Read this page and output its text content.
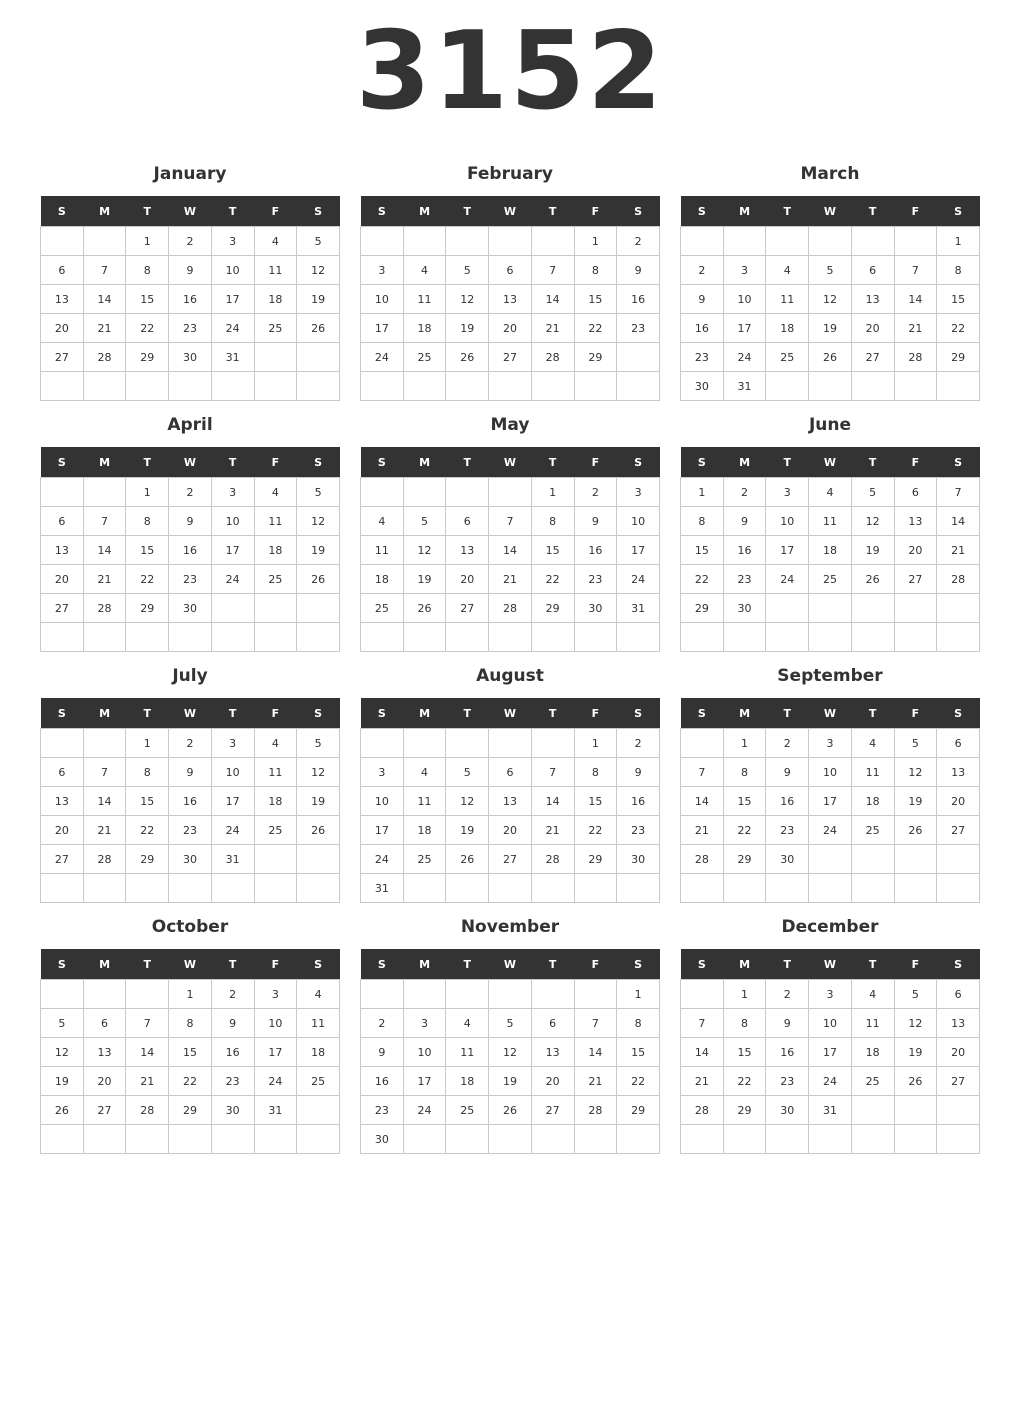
3152
January
S	M	T	W	T	F	S
		1	2	3	4	5
6	7	8	9	10	11	12
13	14	15	16	17	18	19
20	21	22	23	24	25	26
27	28	29	30	31		

February
S	M	T	W	T	F	S
					1	2
3	4	5	6	7	8	9
10	11	12	13	14	15	16
17	18	19	20	21	22	23
24	25	26	27	28	29	

March
S	M	T	W	T	F	S
						1
2	3	4	5	6	7	8
9	10	11	12	13	14	15
16	17	18	19	20	21	22
23	24	25	26	27	28	29
30	31					
April
S	M	T	W	T	F	S
		1	2	3	4	5
6	7	8	9	10	11	12
13	14	15	16	17	18	19
20	21	22	23	24	25	26
27	28	29	30			

May
S	M	T	W	T	F	S
				1	2	3
4	5	6	7	8	9	10
11	12	13	14	15	16	17
18	19	20	21	22	23	24
25	26	27	28	29	30	31

June
S	M	T	W	T	F	S
1	2	3	4	5	6	7
8	9	10	11	12	13	14
15	16	17	18	19	20	21
22	23	24	25	26	27	28
29	30					

July
S	M	T	W	T	F	S
		1	2	3	4	5
6	7	8	9	10	11	12
13	14	15	16	17	18	19
20	21	22	23	24	25	26
27	28	29	30	31		

August
S	M	T	W	T	F	S
					1	2
3	4	5	6	7	8	9
10	11	12	13	14	15	16
17	18	19	20	21	22	23
24	25	26	27	28	29	30
31						
September
S	M	T	W	T	F	S
	1	2	3	4	5	6
7	8	9	10	11	12	13
14	15	16	17	18	19	20
21	22	23	24	25	26	27
28	29	30				

October
S	M	T	W	T	F	S
			1	2	3	4
5	6	7	8	9	10	11
12	13	14	15	16	17	18
19	20	21	22	23	24	25
26	27	28	29	30	31	

November
S	M	T	W	T	F	S
						1
2	3	4	5	6	7	8
9	10	11	12	13	14	15
16	17	18	19	20	21	22
23	24	25	26	27	28	29
30						
December
S	M	T	W	T	F	S
	1	2	3	4	5	6
7	8	9	10	11	12	13
14	15	16	17	18	19	20
21	22	23	24	25	26	27
28	29	30	31			
